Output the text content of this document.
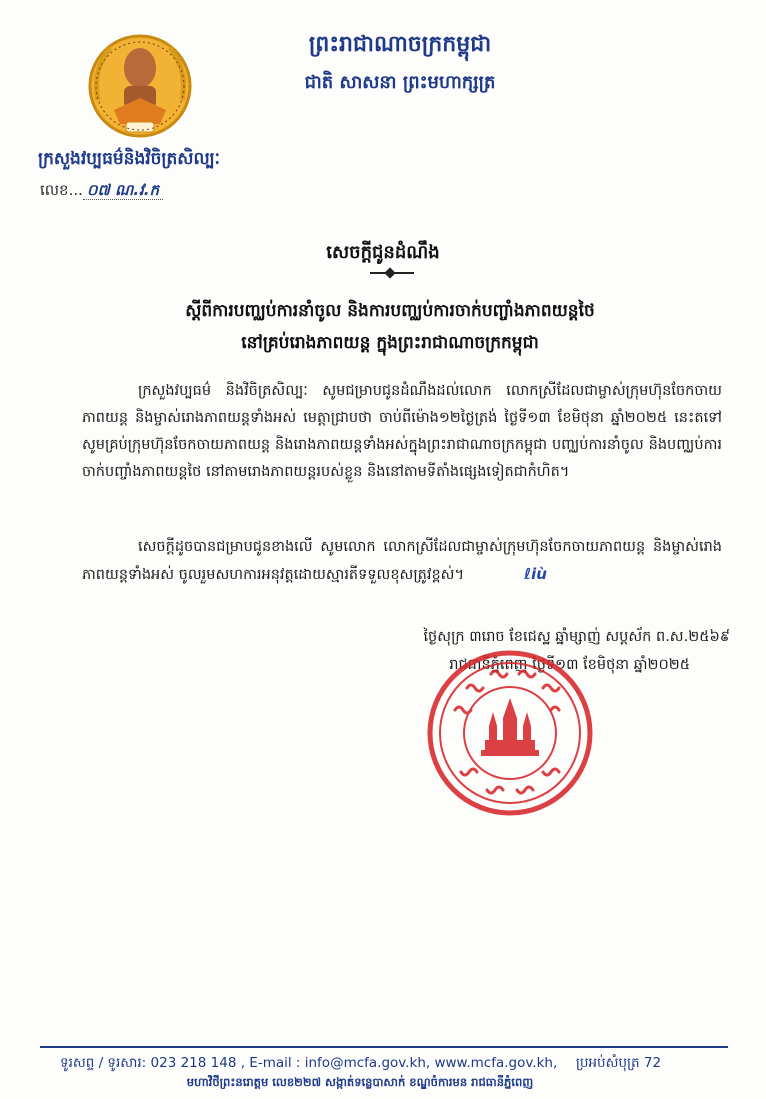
ព្រះរាជាណាចក្រកម្ពុជា
ជាតិ សាសនា ព្រះមហាក្សត្រ
ក្រសួងវប្បធម៌និងវិចិត្រសិល្បៈ
លេខ... ០៧ ណ.វ.ក
សេចក្តីជូនដំណឹង
ស្តីពីការបញ្ឈប់ការនាំចូល និងការបញ្ឈប់ការចាក់បញ្ចាំងភាពយន្តថៃ
នៅគ្រប់រោងភាពយន្ត ក្នុងព្រះរាជាណាចក្រកម្ពុជា
ក្រសួងវប្បធម៌ និងវិចិត្រសិល្បៈ សូមជម្រាបជូនដំណឹងដល់លោក លោកស្រីដែលជាម្ចាស់ក្រុមហ៊ុនចែកចាយភាពយន្ត និងម្ចាស់រោងភាពយន្តទាំងអស់ មេត្តាជ្រាបថា ចាប់ពីម៉ោង១២ថ្ងៃត្រង់ ថ្ងៃទី១៣ ខែមិថុនា ឆ្នាំ២០២៥ នេះតទៅ សូមគ្រប់ក្រុមហ៊ុនចែកចាយភាពយន្ត និងរោងភាពយន្តទាំងអស់ក្នុងព្រះរាជាណាចក្រកម្ពុជា បញ្ឈប់ការនាំចូល និងបញ្ឈប់ការចាក់បញ្ចាំងភាពយន្តថៃ នៅតាមរោងភាពយន្តរបស់ខ្លួន និងនៅតាមទីតាំងផ្សេងទៀតជាកំហិត។
សេចក្តីដូចបានជម្រាបជូនខាងលើ សូមលោក លោកស្រីដែលជាម្ចាស់ក្រុមហ៊ុនចែកចាយភាពយន្ត និងម្ចាស់រោងភាពយន្តទាំងអស់ ចូលរួមសហការអនុវត្តដោយស្មារតីទទួលខុសត្រូវខ្ពស់។	ℓiù
ថ្ងៃសុក្រ ៣រោច ខែជេស្ឋ ឆ្នាំម្សាញ់ សប្តស័ក ព.ស.២៥៦៩
រាជធានីភ្នំពេញ ថ្ងៃទី១៣ ខែមិថុនា ឆ្នាំ២០២៥
ទូរសព្ទ / ទូរសារ: 023 218 148 , E-mail : info@mcfa.gov.kh, www.mcfa.gov.kh, ប្រអប់សំបុត្រ 72
មហាវិថីព្រះនរោត្តម លេខ២២៧ សង្កាត់ទន្លេបាសាក់ ខណ្ឌចំការមន រាជធានីភ្នំពេញ
